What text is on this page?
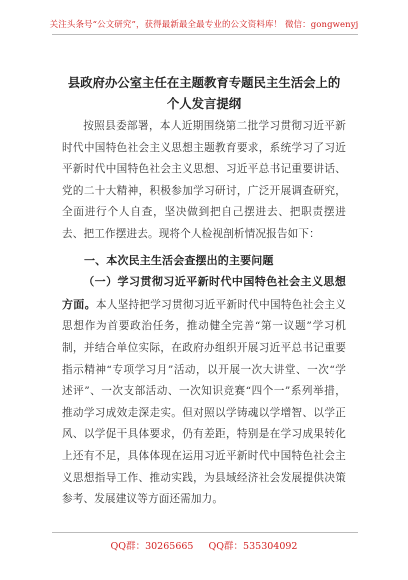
关注头条号“公文研究”，获得最新最全最专业的公文资料库！ 微信：gongwenyj
县政府办公室主任在主题教育专题民主生活会上的个人发言提纲

按照县委部署，本人近期围绕第二批学习贯彻习近平新时代中国特色社会主义思想主题教育要求，系统学习了习近平新时代中国特色社会主义思想、习近平总书记重要讲话、党的二十大精神，积极参加学习研讨，广泛开展调查研究，全面进行个人自查，坚决做到把自己摆进去、把职责摆进去、把工作摆进去。现将个人检视剖析情况报告如下：

一、本次民主生活会查摆出的主要问题

（一）学习贯彻习近平新时代中国特色社会主义思想方面。本人坚持把学习贯彻习近平新时代中国特色社会主义思想作为首要政治任务，推动健全完善“第一议题”学习机制，并结合单位实际，在政府办组织开展习近平总书记重要指示精神“专项学习月”活动，以开展一次大讲堂、一次“学述评”、一次支部活动、一次知识竞赛“四个一”系列举措，推动学习成效走深走实。但对照以学铸魂以学增智、以学正风、以学促干具体要求，仍有差距，特别是在学习成果转化上还有不足，具体体现在运用习近平新时代中国特色社会主义思想指导工作、推动实践，为县域经济社会发展提供决策参考、发展建议等方面还需加力。

QQ群：30265665 QQ群：535304092
